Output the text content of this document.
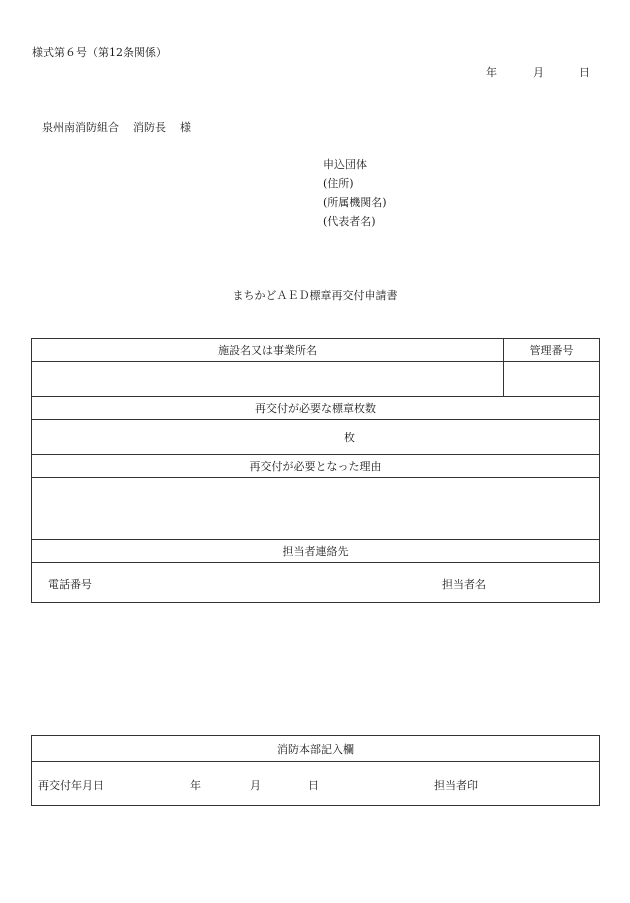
様式第６号（第12条関係）
年	月	日
泉州南消防組合 消防長 様
申込団体
(住所)
(所属機関名)
(代表者名)
まちかどＡＥＤ標章再交付申請書
施設名又は事業所名	管理番号

再交付が必要な標章枚数	
枚	
再交付が必要となった理由	

担当者連絡先	

電話番号 担当者名	
消防本部記入欄

再交付年月日	年	月	日	担当者印
